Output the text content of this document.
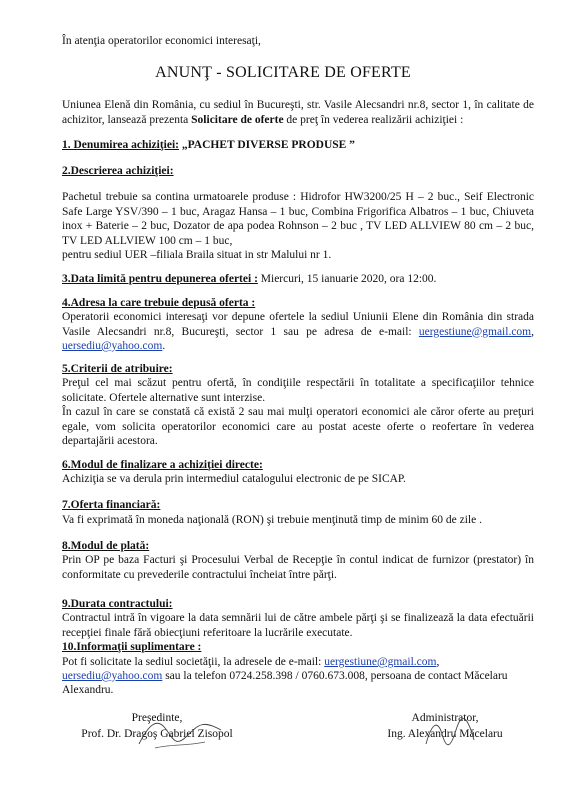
În atenţia operatorilor economici interesaţi,
ANUNŢ - SOLICITARE DE OFERTE
Uniunea Elenă din România, cu sediul în Bucureşti, str. Vasile Alecsandri nr.8, sector 1, în calitate de achizitor, lansează prezenta Solicitare de oferte de preţ în vederea realizării achiziţiei :
1. Denumirea achiziţiei: „PACHET DIVERSE PRODUSE ”
2.Descrierea achiziţiei:
Pachetul trebuie sa contina urmatoarele produse : Hidrofor HW3200/25 H – 2 buc., Seif Electronic Safe Large YSV/390 – 1 buc, Aragaz Hansa – 1 buc, Combina Frigorifica Albatros – 1 buc, Chiuveta inox + Baterie – 2 buc, Dozator de apa podea Rohnson – 2 buc , TV LED ALLVIEW 80 cm – 2 buc, TV LED ALLVIEW 100 cm – 1 buc,
pentru sediul UER –filiala Braila situat in str Malului nr 1.
3.Data limită pentru depunerea ofertei : Miercuri, 15 ianuarie 2020, ora 12:00.
4.Adresa la care trebuie depusă oferta :
Operatorii economici interesaţi vor depune ofertele la sediul Uniunii Elene din România din strada Vasile Alecsandri nr.8, Bucureşti, sector 1 sau pe adresa de e-mail: uergestiune@gmail.com, uersediu@yahoo.com.
5.Criterii de atribuire:
Preţul cel mai scăzut pentru ofertă, în condiţiile respectării în totalitate a specificaţiilor tehnice solicitate. Ofertele alternative sunt interzise.
În cazul în care se constată că există 2 sau mai mulţi operatori economici ale căror oferte au preţuri egale, vom solicita operatorilor economici care au postat aceste oferte o reofertare în vederea departajării acestora.
6.Modul de finalizare a achiziţiei directe:
Achiziţia se va derula prin intermediul catalogului electronic de pe SICAP.
7.Oferta financiară:
Va fi exprimată în moneda naţională (RON) şi trebuie menţinută timp de minim 60 de zile .
8.Modul de plată:
Prin OP pe baza Facturi şi Procesului Verbal de Recepţie în contul indicat de furnizor (prestator) în conformitate cu prevederile contractului încheiat între părţi.
9.Durata contractului:
Contractul intră în vigoare la data semnării lui de către ambele părţi şi se finalizează la data efectuării recepţiei finale fără obiecţiuni referitoare la lucrările executate.
10.Informaţii suplimentare :
Pot fi solicitate la sediul societăţii, la adresele de e-mail: uergestiune@gmail.com,
uersediu@yahoo.com sau la telefon 0724.258.398 / 0760.673.008, persoana de contact Măcelaru
Alexandru.
Preşedinte,
Prof. Dr. Dragoş Gabriel Zisopol
Administrator,
Ing. Alexandru Măcelaru
